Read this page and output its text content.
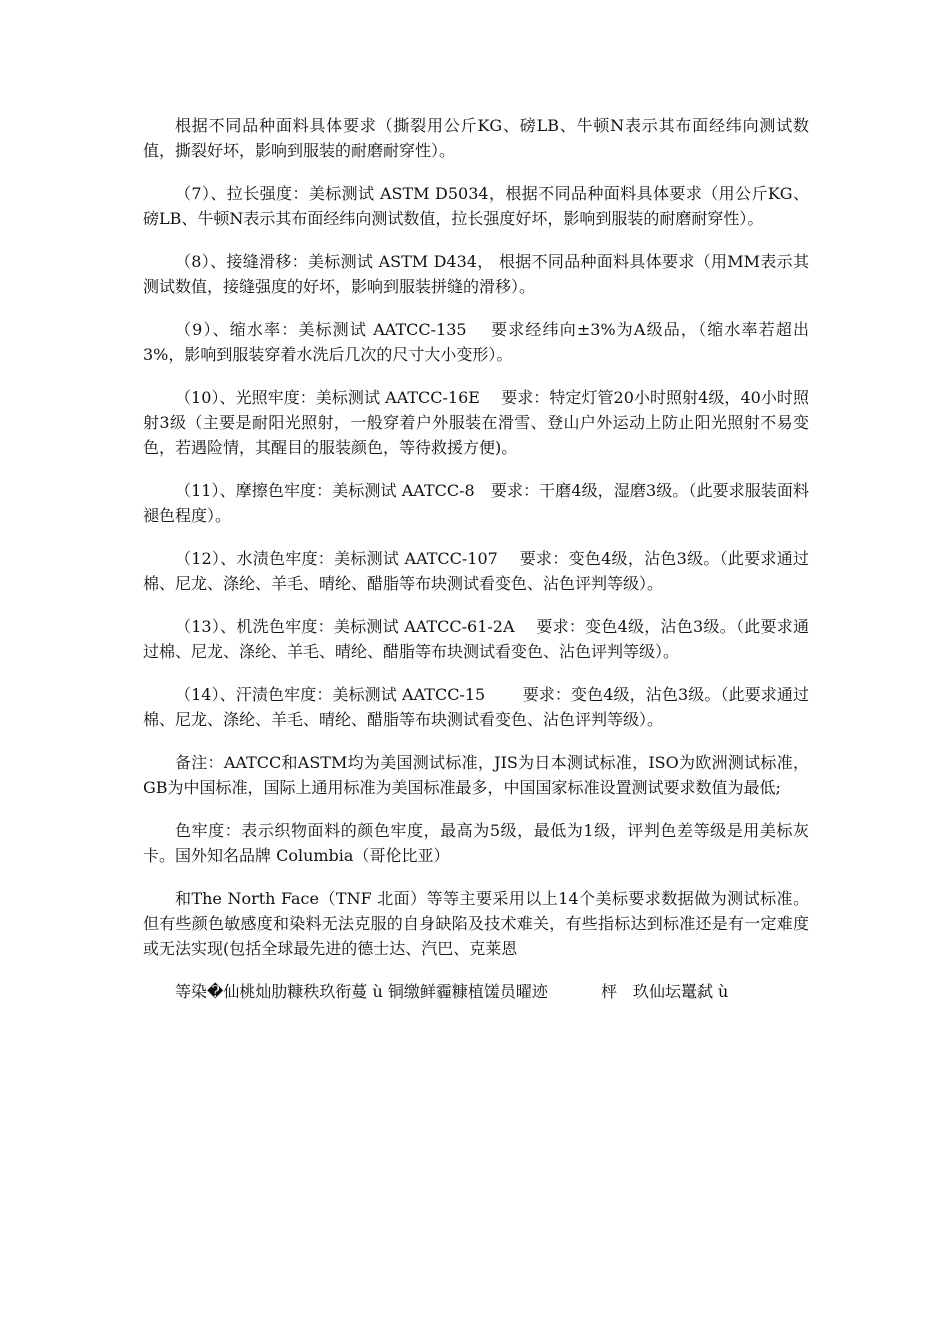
根据不同品种面料具体要求（撕裂用公斤KG、磅LB、牛顿N表示其布面经纬向测试数值，撕裂好坏，影响到服装的耐磨耐穿性）。

（7）、拉长强度：美标测试 ASTM D5034，根据不同品种面料具体要求（用公斤KG、磅LB、牛顿N表示其布面经纬向测试数值，拉长强度好坏，影响到服装的耐磨耐穿性）。

（8）、接缝滑移：美标测试 ASTM D434， 根据不同品种面料具体要求（用MM表示其测试数值，接缝强度的好坏，影响到服装拼缝的滑移）。

（9）、缩水率：美标测试 AATCC-135　 要求经纬向±3%为A级品，（缩水率若超出3%，影响到服装穿着水洗后几次的尺寸大小变形）。

（10）、光照牢度：美标测试 AATCC-16E　 要求：特定灯管20小时照射4级，40小时照射3级（主要是耐阳光照射，一般穿着户外服装在滑雪、登山户外运动上防止阳光照射不易变色，若遇险情，其醒目的服装颜色，等待救援方便)。

（11）、摩擦色牢度：美标测试 AATCC-8　要求：干磨4级，湿磨3级。（此要求服装面料褪色程度）。

（12）、水渍色牢度：美标测试 AATCC-107　 要求：变色4级，沾色3级。（此要求通过棉、尼龙、涤纶、羊毛、晴纶、醋脂等布块测试看变色、沾色评判等级）。

（13）、机洗色牢度：美标测试 AATCC-61-2A　 要求：变色4级，沾色3级。（此要求通过棉、尼龙、涤纶、羊毛、晴纶、醋脂等布块测试看变色、沾色评判等级）。

（14）、汗渍色牢度：美标测试 AATCC-15　　 要求：变色4级，沾色3级。（此要求通过棉、尼龙、涤纶、羊毛、晴纶、醋脂等布块测试看变色、沾色评判等级）。

备注：AATCC和ASTM均为美国测试标准，JIS为日本测试标准，ISO为欧洲测试标准，GB为中国标准，国际上通用标准为美国标准最多，中国国家标准设置测试要求数值为最低;

色牢度：表示织物面料的颜色牢度，最高为5级，最低为1级，评判色差等级是用美标灰卡。国外知名品牌 Columbia（哥伦比亚）

和The North Face（TNF 北面）等等主要采用以上14个美标要求数据做为测试标准。但有些颜色敏感度和染料无法克服的自身缺陷及技术难关，有些指标达到标准还是有一定难度或无法实现(包括全球最先进的德士达、汽巴、克莱恩

等染�仙桃灿肋糠秩玖衔蔓 ù 铜缴鲜霾糠植馐员曜迹　　　 枰　玖仙坛鼍弑 ù
